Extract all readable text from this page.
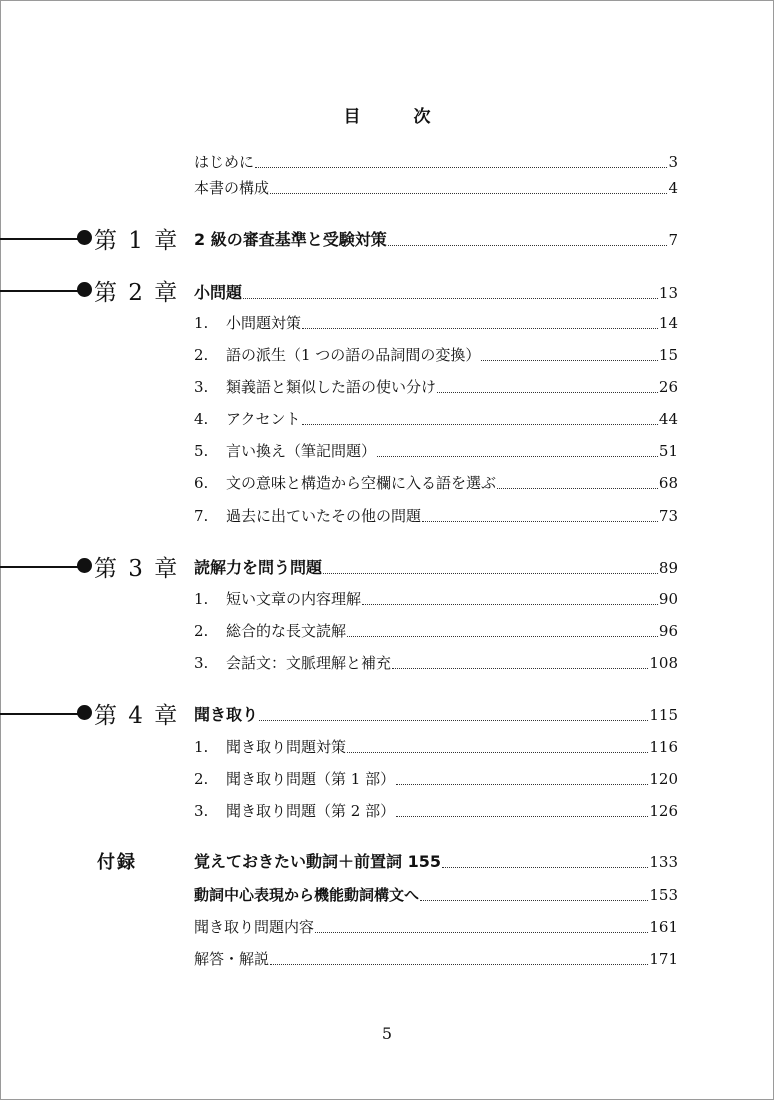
目　次
はじめに	3
本書の構成	4
第 1 章 2 級の審査基準と受験対策	7
第 2 章 小問題	13
1.	小問題対策	14
2.	語の派生（1 つの語の品詞間の変換）	15
3.	類義語と類似した語の使い分け	26
4.	アクセント	44
5.	言い換え（筆記問題）	51
6.	文の意味と構造から空欄に入る語を選ぶ	68
7.	過去に出ていたその他の問題	73
第 3 章 読解力を問う問題	89
1.	短い文章の内容理解	90
2.	総合的な長文読解	96
3.	会話文：文脈理解と補充	108
第 4 章 聞き取り	115
1.	聞き取り問題対策	116
2.	聞き取り問題（第 1 部）	120
3.	聞き取り問題（第 2 部）	126
付録	覚えておきたい動詞＋前置詞 155	133
動詞中心表現から機能動詞構文へ	153
聞き取り問題内容	161
解答・解説	171
5
